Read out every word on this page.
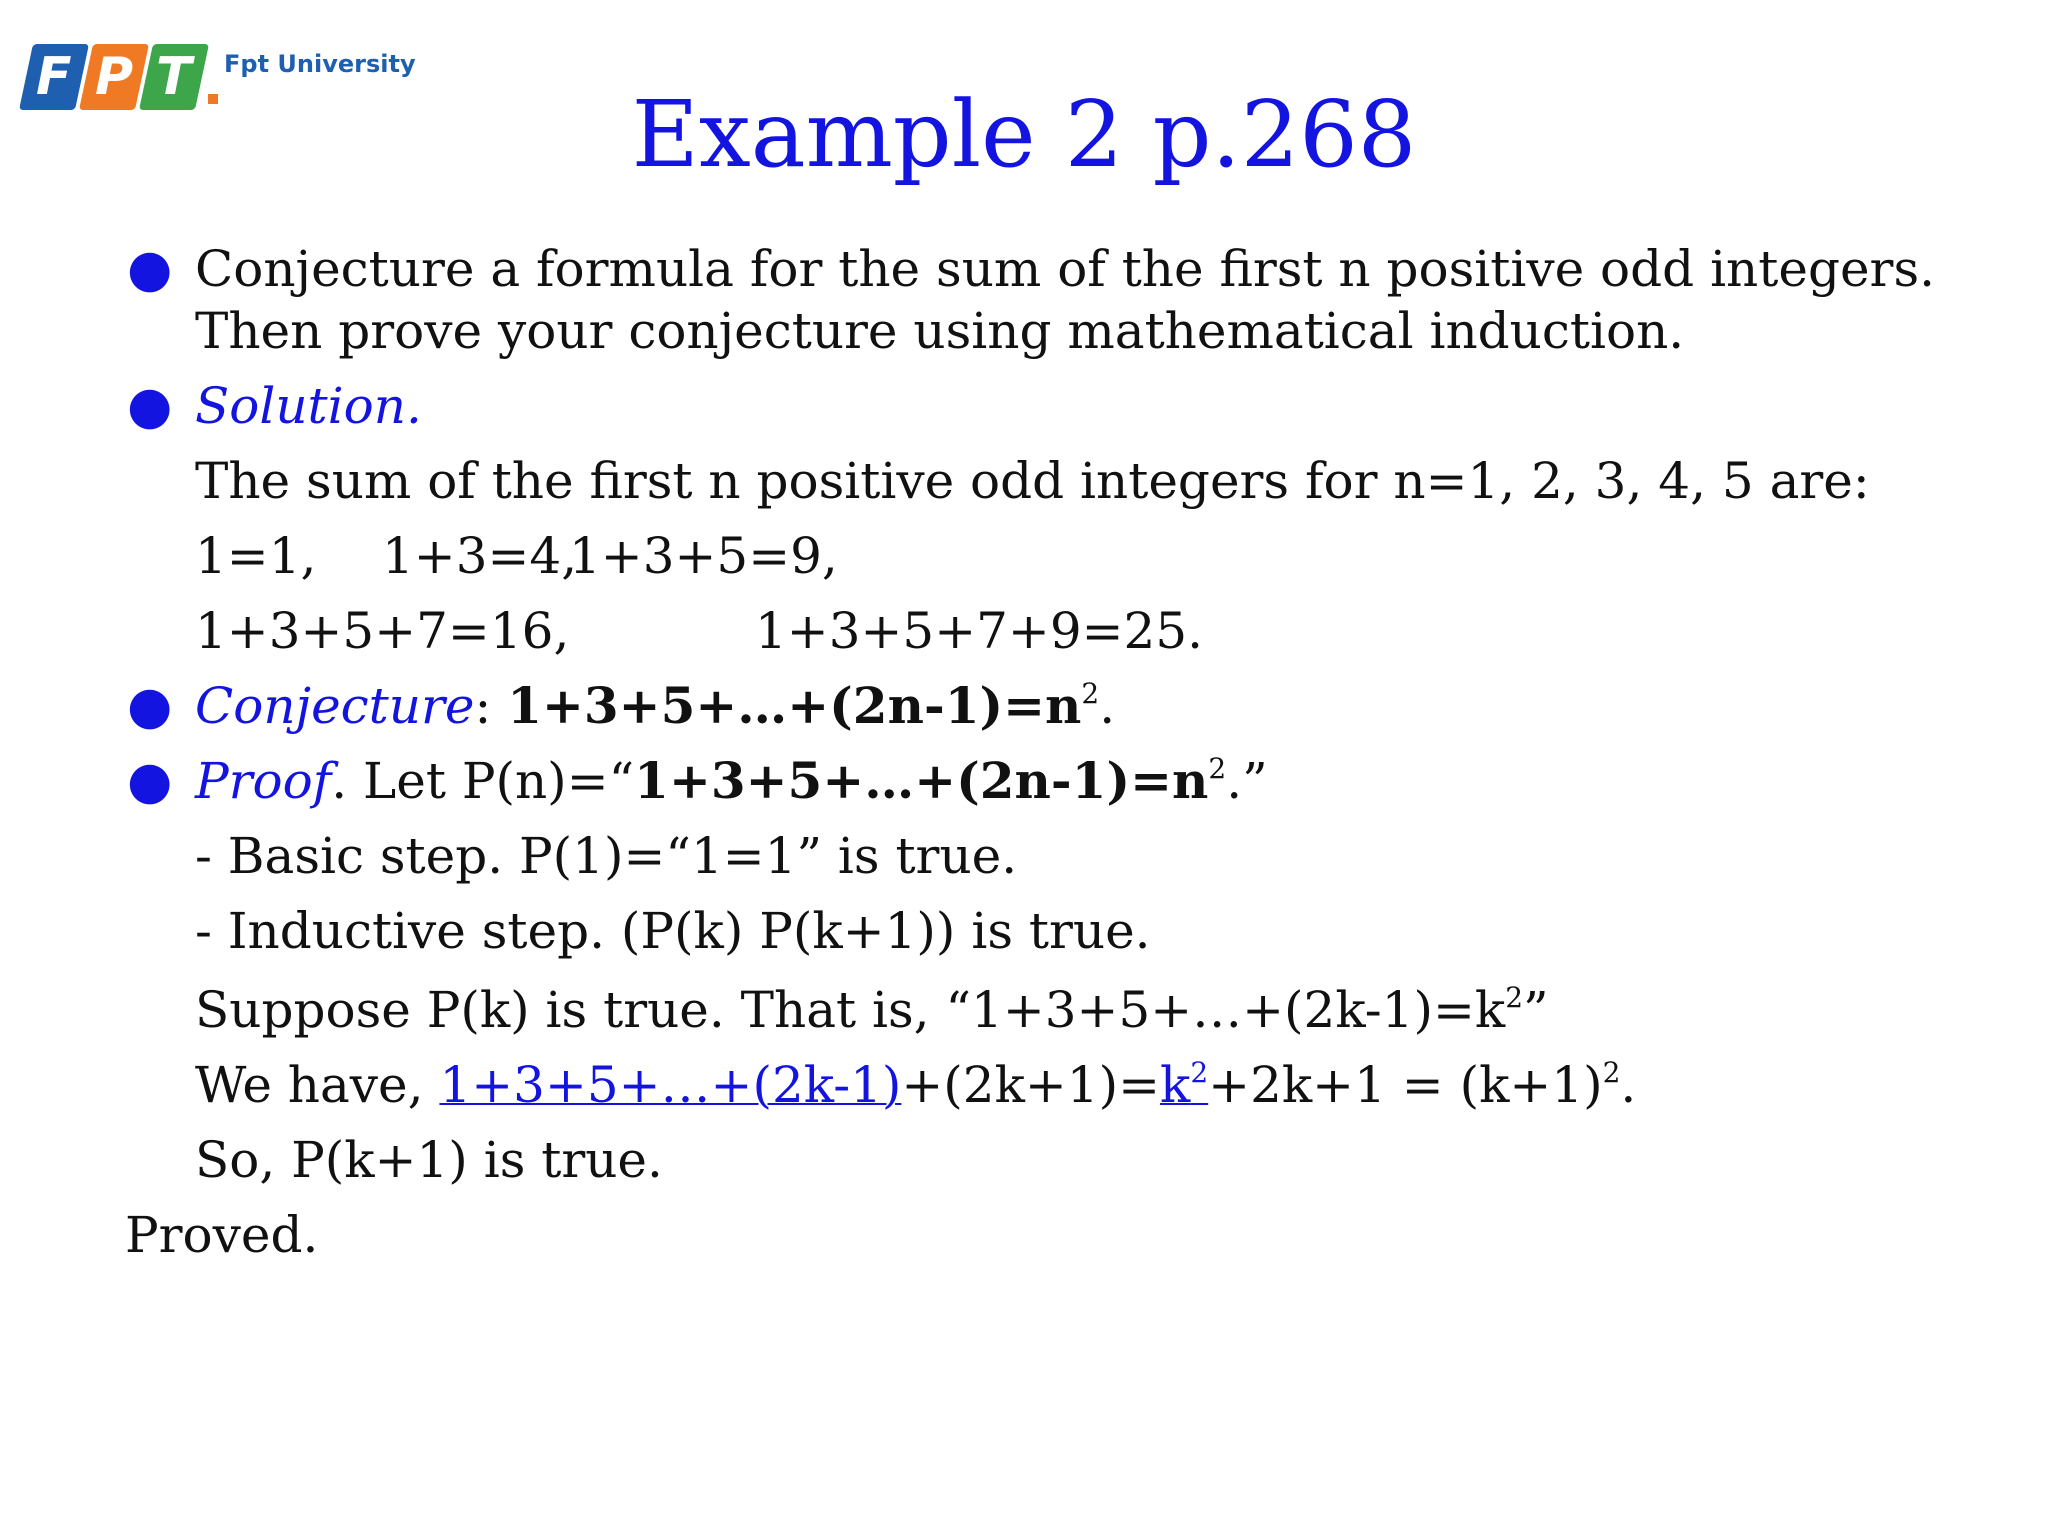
F P T Fpt University
Example 2 p.268
● Conjecture a formula for the sum of the first n positive odd integers. Then prove your conjecture using mathematical induction.
● Solution.
The sum of the first n positive odd integers for n=1, 2, 3, 4, 5 are:
1=1, 1+3=4,1+3+5=9,
1+3+5+7=16,	1+3+5+7+9=25.
● Conjecture: $1+3+5+\dots+(2n-1)=n^2$.
● Proof. Let $P(n)=“1+3+5+\dots+(2n-1)=n^2$.”
- Basic step. P(1)=“1=1” is true.
- Inductive step. (P(k) P(k+1)) is true.
Suppose P(k) is true. That is, “$1+3+5+\dots+(2k-1)=k^2$”
We have, $1+3+5+\dots+(2k-1)+(2k+1)=k^2+2k+1 = (k+1)^2$.
So, P(k+1) is true.
Proved.
